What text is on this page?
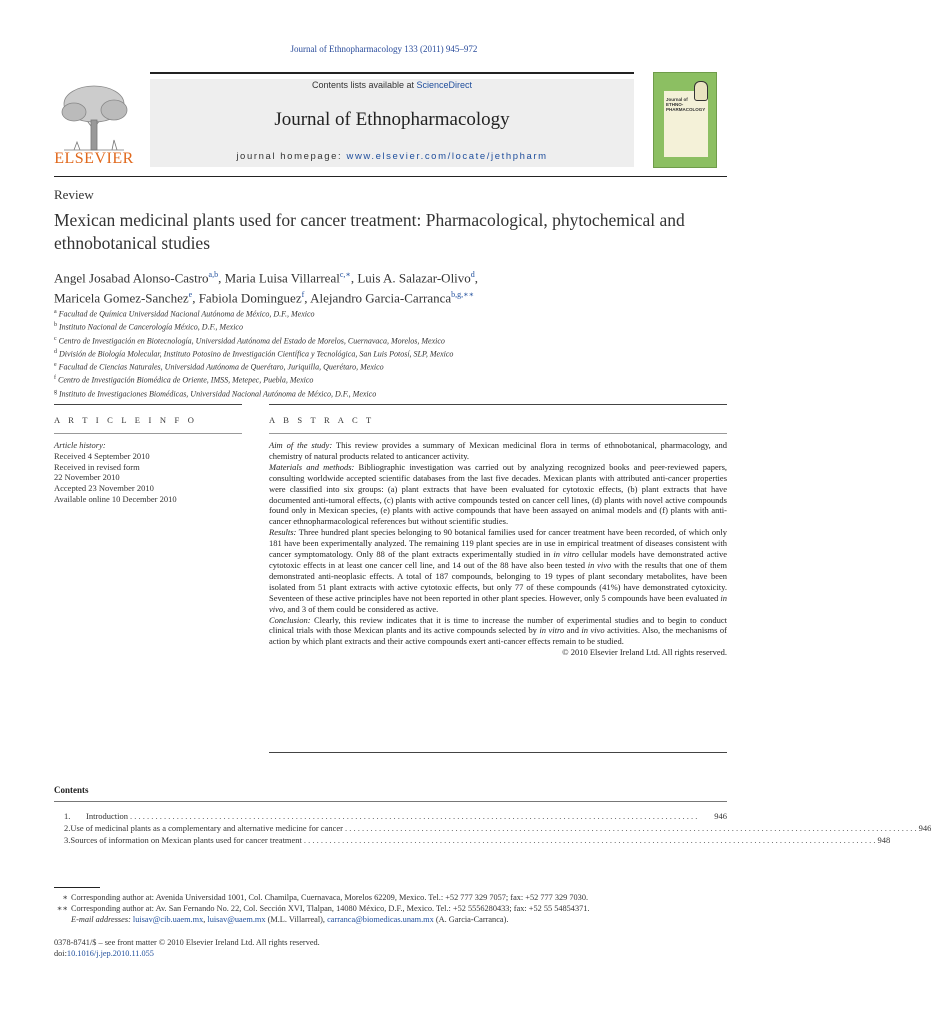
Journal of Ethnopharmacology 133 (2011) 945–972
ELSEVIER
Contents lists available at ScienceDirect
Journal of Ethnopharmacology
journal homepage: www.elsevier.com/locate/jethpharm
Journal of
ETHNO-
PHARMACOLOGY
Review
Mexican medicinal plants used for cancer treatment: Pharmacological, phytochemical and ethnobotanical studies
Angel Josabad Alonso-Castro$^{a,b}$, Maria Luisa Villarreal$^{c,∗}$, Luis A. Salazar-Olivo$^d$,
Maricela Gomez-Sanchez$^e$, Fabiola Dominguez$^f$, Alejandro Garcia-Carranca$^{b,g,∗∗}$
$^a$ Facultad de Química Universidad Nacional Autónoma de México, D.F., Mexico
$^b$ Instituto Nacional de Cancerología México, D.F., Mexico
$^c$ Centro de Investigación en Biotecnología, Universidad Autónoma del Estado de Morelos, Cuernavaca, Morelos, Mexico
$^d$ División de Biología Molecular, Instituto Potosino de Investigación Científica y Tecnológica, San Luis Potosí, SLP, Mexico
$^e$ Facultad de Ciencias Naturales, Universidad Autónoma de Querétaro, Juriquilla, Querétaro, Mexico
$^f$ Centro de Investigación Biomédica de Oriente, IMSS, Metepec, Puebla, Mexico
$^g$ Instituto de Investigaciones Biomédicas, Universidad Nacional Autónoma de México, D.F., Mexico
A R T I C L E I N F O	A B S T R A C T
Article history:
Received 4 September 2010
Received in revised form
22 November 2010
Accepted 23 November 2010
Available online 10 December 2010

Aim of the study: This review provides a summary of Mexican medicinal flora in terms of ethnobotanical, pharmacology, and chemistry of natural products related to anticancer activity.

Materials and methods: Bibliographic investigation was carried out by analyzing recognized books and peer-reviewed papers, consulting worldwide accepted scientific databases from the last five decades. Mexican plants with attributed anti-cancer properties were classified into six groups: (a) plant extracts that have been evaluated for cytotoxic effects, (b) plant extracts that have documented anti-tumoral effects, (c) plants with active compounds tested on cancer cell lines, (d) plants with novel active compounds found only in Mexican species, (e) plants with active compounds that have been assayed on animal models and (f) plants with anti-cancer ethnopharmacological references but without scientific studies.

Results: Three hundred plant species belonging to 90 botanical families used for cancer treatment have been recorded, of which only 181 have been experimentally analyzed. The remaining 119 plant species are in use in empirical treatment of diseases consistent with cancer symptomatology. Only 88 of the plant extracts experimentally studied in in vitro cellular models have demonstrated active cytotoxic effects in at least one cancer cell line, and 14 out of the 88 have also been tested in vivo with the results that one of them demonstrated anti-neoplasic effects. A total of 187 compounds, belonging to 19 types of plant secondary metabolites, have been isolated from 51 plant extracts with active cytotoxic effects, but only 77 of these compounds (41%) have demonstrated cytoxicity. Seventeen of these active principles have not been reported in other plant species. However, only 5 compounds have been evaluated in vivo, and 3 of them could be considered as active.

Conclusion: Clearly, this review indicates that it is time to increase the number of experimental studies and to begin to conduct clinical trials with those Mexican plants and its active compounds selected by in vitro and in vivo activities. Also, the mechanisms of action by which plant extracts and their active compounds exert anti-cancer effects remain to be studied.

© 2010 Elsevier Ireland Ltd. All rights reserved.

Contents
1.	Introduction . . . . . . . . . . . . . . . . . . . . . . . . . . . . . . . . . . . . . . . . . . . . . . . . . . . . . . . . . . . . . . . . . . . . . . . . . . . . . . . . . . . . . . . . . . . . . . . . . . . . . . . . . . . . . . . . . . . . . . . . . . . . . . . . . . . . . .	946
2. Use of medicinal plants as a complementary and alternative medicine for cancer . . . . . . . . . . . . . . . . . . . . . . . . . . . . . . . . . . . . . . . . . . . . . . . . . . . . . . . . . . . . . . . . . . . . . . . . . . . . . . . . . . . . . . . . . . . . . . . . . . . . . . . . . . . . . . . . . . . . . . . . . . . . . . . . . . . . . . . 946
3. Sources of information on Mexican plants used for cancer treatment . . . . . . . . . . . . . . . . . . . . . . . . . . . . . . . . . . . . . . . . . . . . . . . . . . . . . . . . . . . . . . . . . . . . . . . . . . . . . . . . . . . . . . . . . . . . . . . . . . . . . . . . . . . . . . . . . . . . . . . . . . . . . . . . . . . . . . . 948
∗ Corresponding author at: Avenida Universidad 1001, Col. Chamilpa, Cuernavaca, Morelos 62209, Mexico. Tel.: +52 777 329 7057; fax: +52 777 329 7030.
∗∗ Corresponding author at: Av. San Fernando No. 22, Col. Sección XVI, Tlalpan, 14080 México, D.F., Mexico. Tel.: +52 5556280433; fax: +52 55 54854371.
E-mail addresses: luisav@cib.uaem.mx, luisav@uaem.mx (M.L. Villarreal), carranca@biomedicas.unam.mx (A. Garcia-Carranca).
0378-8741/$ – see front matter © 2010 Elsevier Ireland Ltd. All rights reserved.
doi:10.1016/j.jep.2010.11.055
